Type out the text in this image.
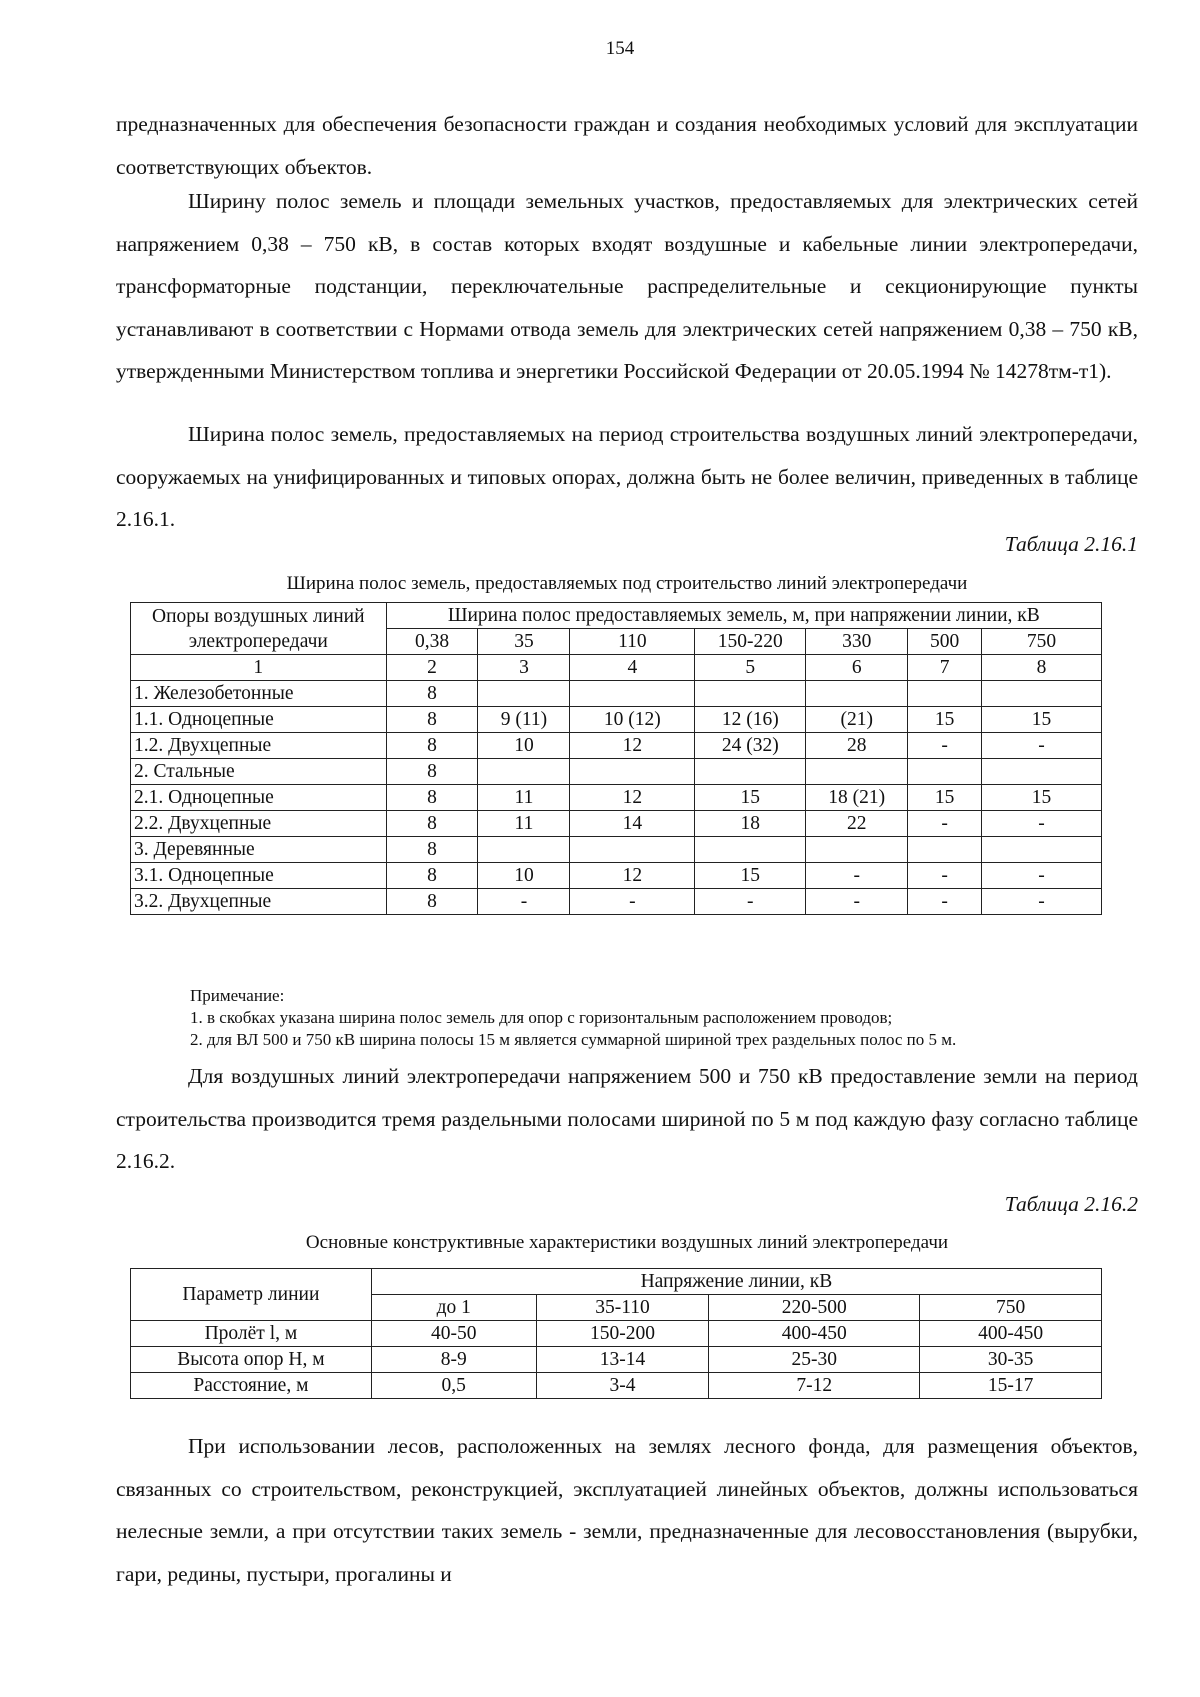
154

предназначенных для обеспечения безопасности граждан и создания необходимых условий для эксплуатации соответствующих объектов.

Ширину полос земель и площади земельных участков, предоставляемых для электрических сетей напряжением 0,38 – 750 кВ, в состав которых входят воздушные и кабельные линии электропередачи, трансформаторные подстанции, переключательные распределительные и секционирующие пункты устанавливают в соответствии с Нормами отвода земель для электрических сетей напряжением 0,38 – 750 кВ, утвержденными Министерством топлива и энергетики Российской Федерации от 20.05.1994 № 14278тм-т1).

Ширина полос земель, предоставляемых на период строительства воздушных линий электропередачи, сооружаемых на унифицированных и типовых опорах, должна быть не более величин, приведенных в таблице 2.16.1.

Таблица 2.16.1
Ширина полос земель, предоставляемых под строительство линий электропередачи
Опоры воздушных линий электропередачи	Ширина полос предоставляемых земель, м, при напряжении линии, кВ						
	0,38	35	110	150-220	330	500	750
1	2	3	4	5	6	7	8
1. Железобетонные	8						
1.1. Одноцепные	8	9 (11)	10 (12)	12 (16)	(21)	15	15
1.2. Двухцепные	8	10	12	24 (32)	28	-	-
2. Стальные	8						
2.1. Одноцепные	8	11	12	15	18 (21)	15	15
2.2. Двухцепные	8	11	14	18	22	-	-
3. Деревянные	8						
3.1. Одноцепные	8	10	12	15	-	-	-
3.2. Двухцепные	8	-	-	-	-	-	-
Примечание:
1. в скобках указана ширина полос земель для опор с горизонтальным расположением проводов;
2. для ВЛ 500 и 750 кВ ширина полосы 15 м является суммарной шириной трех раздельных полос по 5 м.

Для воздушных линий электропередачи напряжением 500 и 750 кВ предоставление земли на период строительства производится тремя раздельными полосами шириной по 5 м под каждую фазу согласно таблице 2.16.2.

Таблица 2.16.2
Основные конструктивные характеристики воздушных линий электропередачи
Параметр линии	Напряжение линии, кВ			
	до 1	35-110	220-500	750
Пролёт l, м	40-50	150-200	400-450	400-450
Высота опор H, м	8-9	13-14	25-30	30-35
Расстояние, м	0,5	3-4	7-12	15-17

При использовании лесов, расположенных на землях лесного фонда, для размещения объектов, связанных со строительством, реконструкцией, эксплуатацией линейных объектов, должны использоваться нелесные земли, а при отсутствии таких земель - земли, предназначенные для лесовосстановления (вырубки, гари, редины, пустыри, прогалины и
